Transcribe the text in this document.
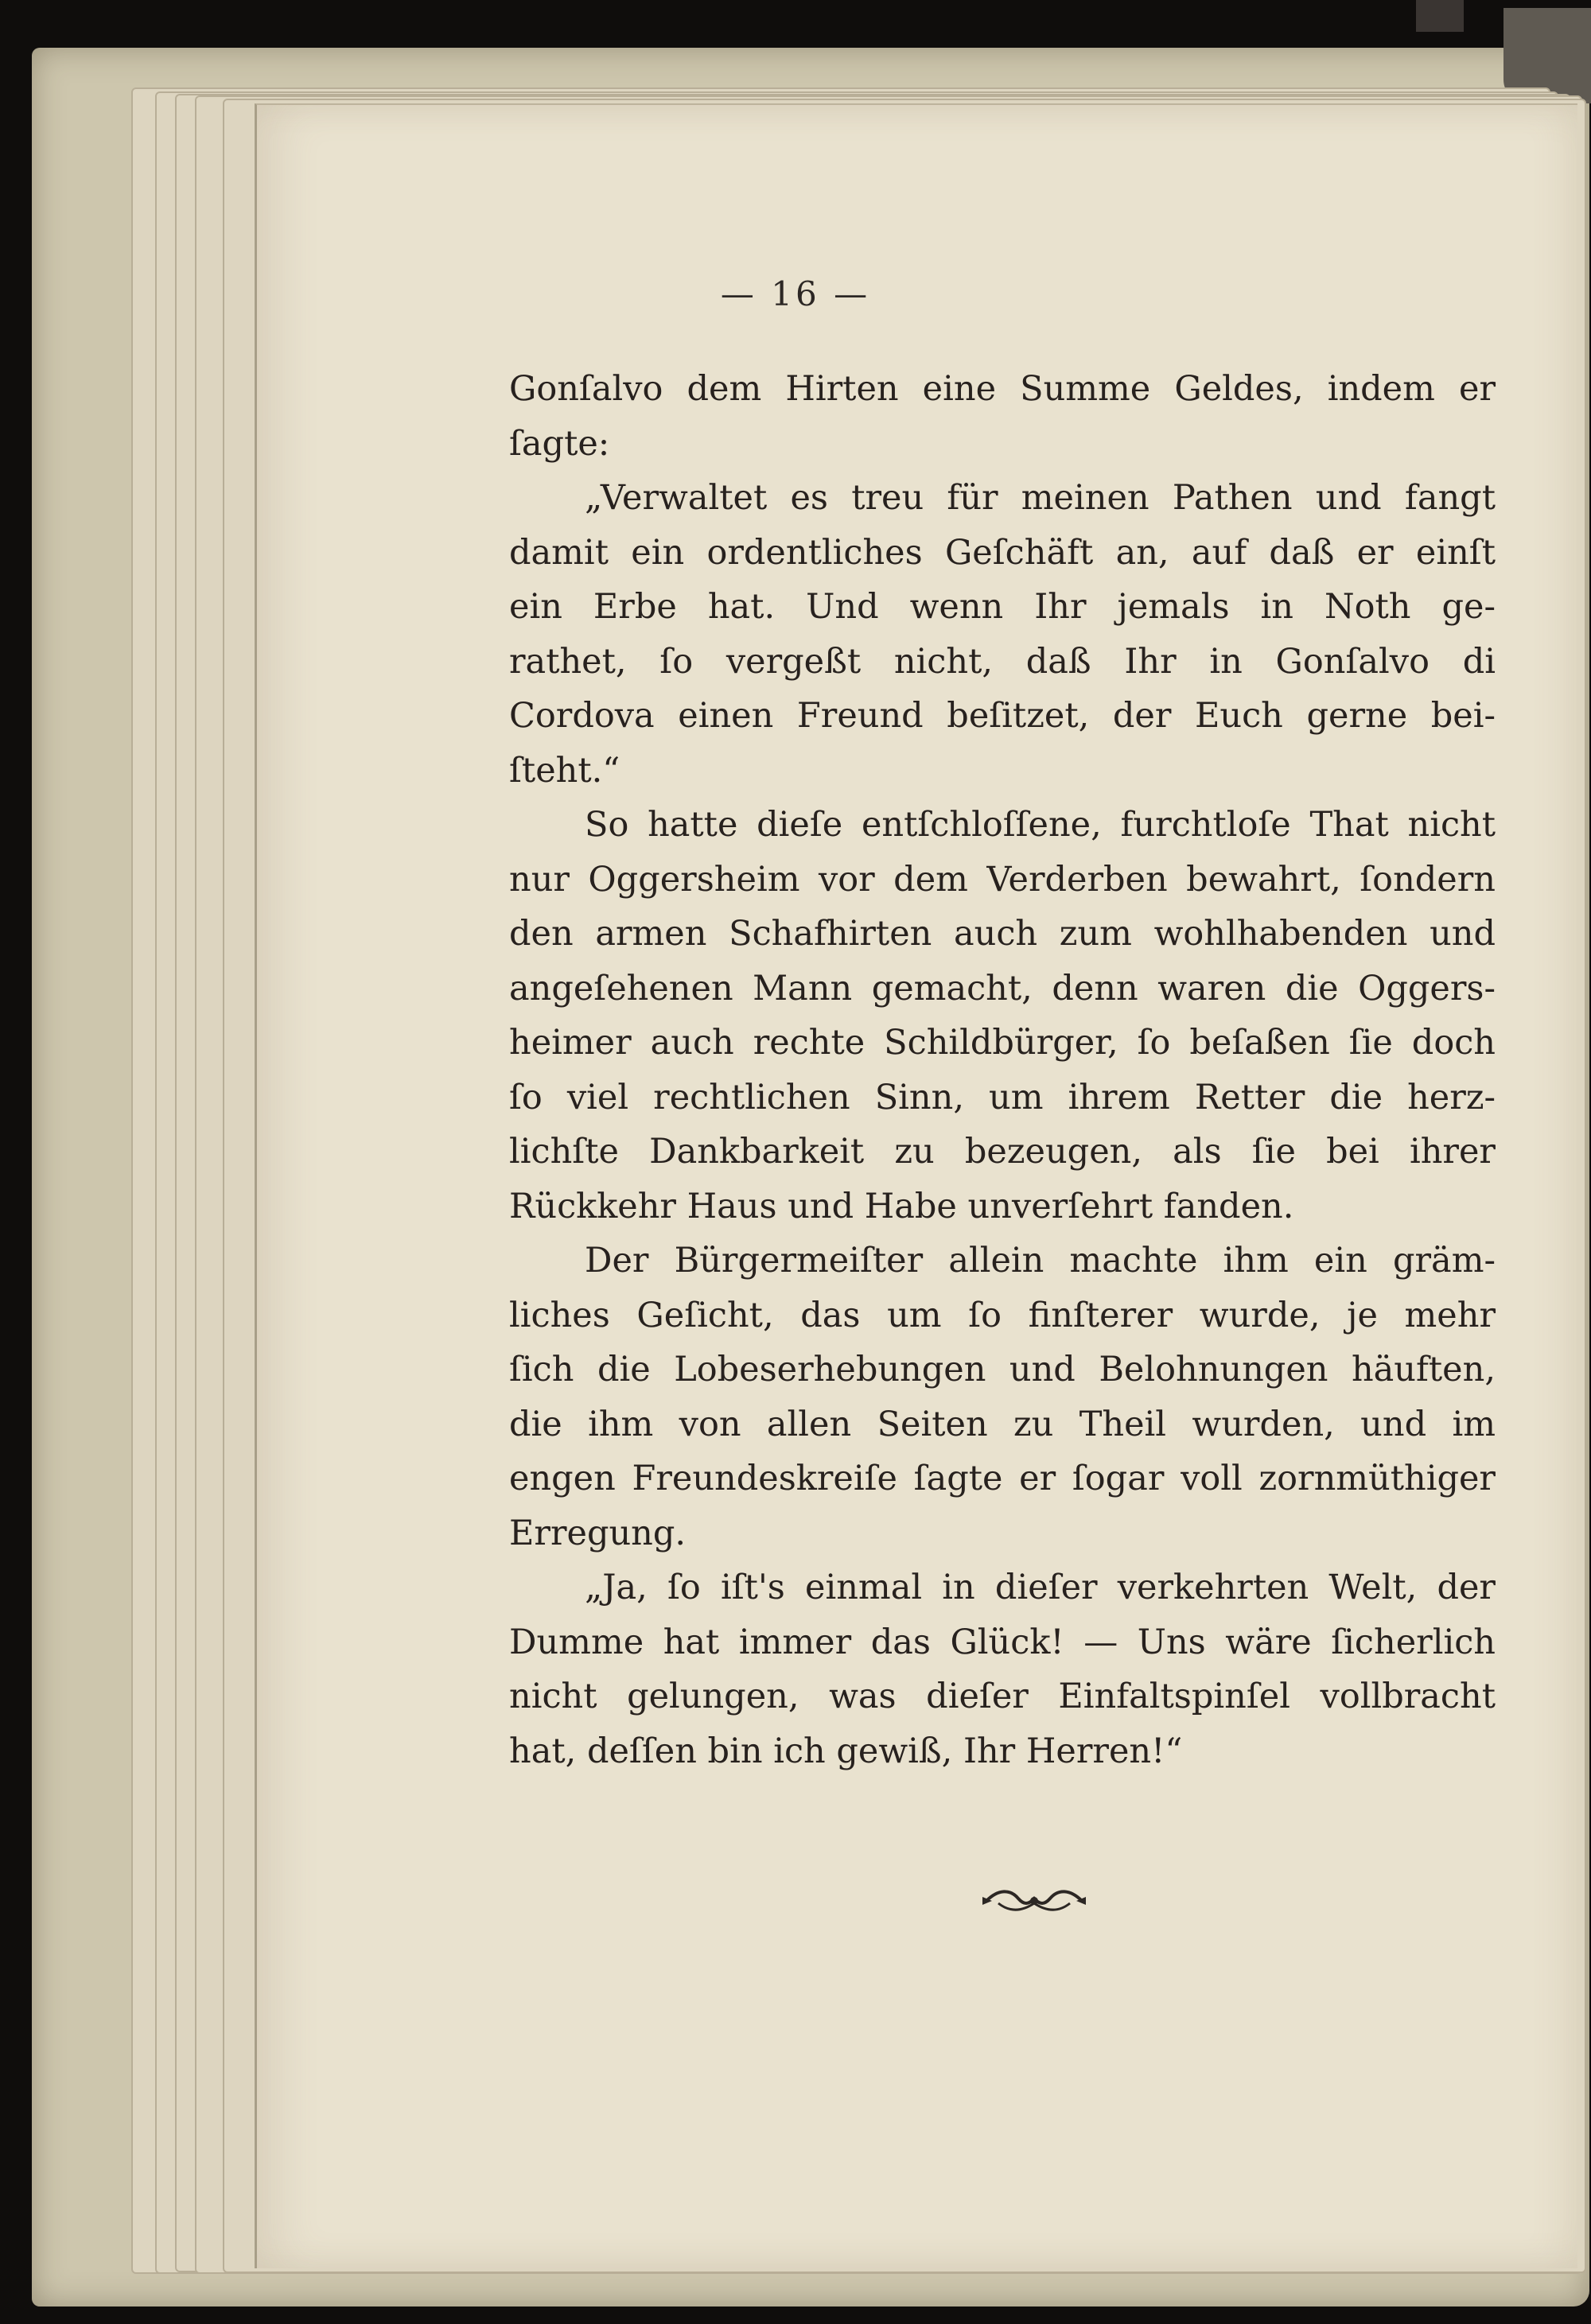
— 16 —
Gonſalvo dem Hirten eine Summe Geldes, indem er
ſagte:
„Verwaltet es treu für meinen Pathen und fangt
damit ein ordentliches Geſchäft an, auf daß er einſt
ein Erbe hat. Und wenn Ihr jemals in Noth ge-
rathet, ſo vergeßt nicht, daß Ihr in Gonſalvo di
Cordova einen Freund beſitzet, der Euch gerne bei-
ſteht.“
So hatte dieſe entſchloſſene, furchtloſe That nicht
nur Oggersheim vor dem Verderben bewahrt, ſondern
den armen Schafhirten auch zum wohlhabenden und
angeſehenen Mann gemacht, denn waren die Oggers-
heimer auch rechte Schildbürger, ſo beſaßen ſie doch
ſo viel rechtlichen Sinn, um ihrem Retter die herz-
lichſte Dankbarkeit zu bezeugen, als ſie bei ihrer
Rückkehr Haus und Habe unverſehrt fanden.
Der Bürgermeiſter allein machte ihm ein gräm-
liches Geſicht, das um ſo finſterer wurde, je mehr
ſich die Lobeserhebungen und Belohnungen häuften,
die ihm von allen Seiten zu Theil wurden, und im
engen Freundeskreiſe ſagte er ſogar voll zornmüthiger
Erregung.
„Ja, ſo iſt's einmal in dieſer verkehrten Welt, der
Dumme hat immer das Glück! — Uns wäre ſicherlich
nicht gelungen, was dieſer Einfaltspinſel vollbracht
hat, deſſen bin ich gewiß, Ihr Herren!“
